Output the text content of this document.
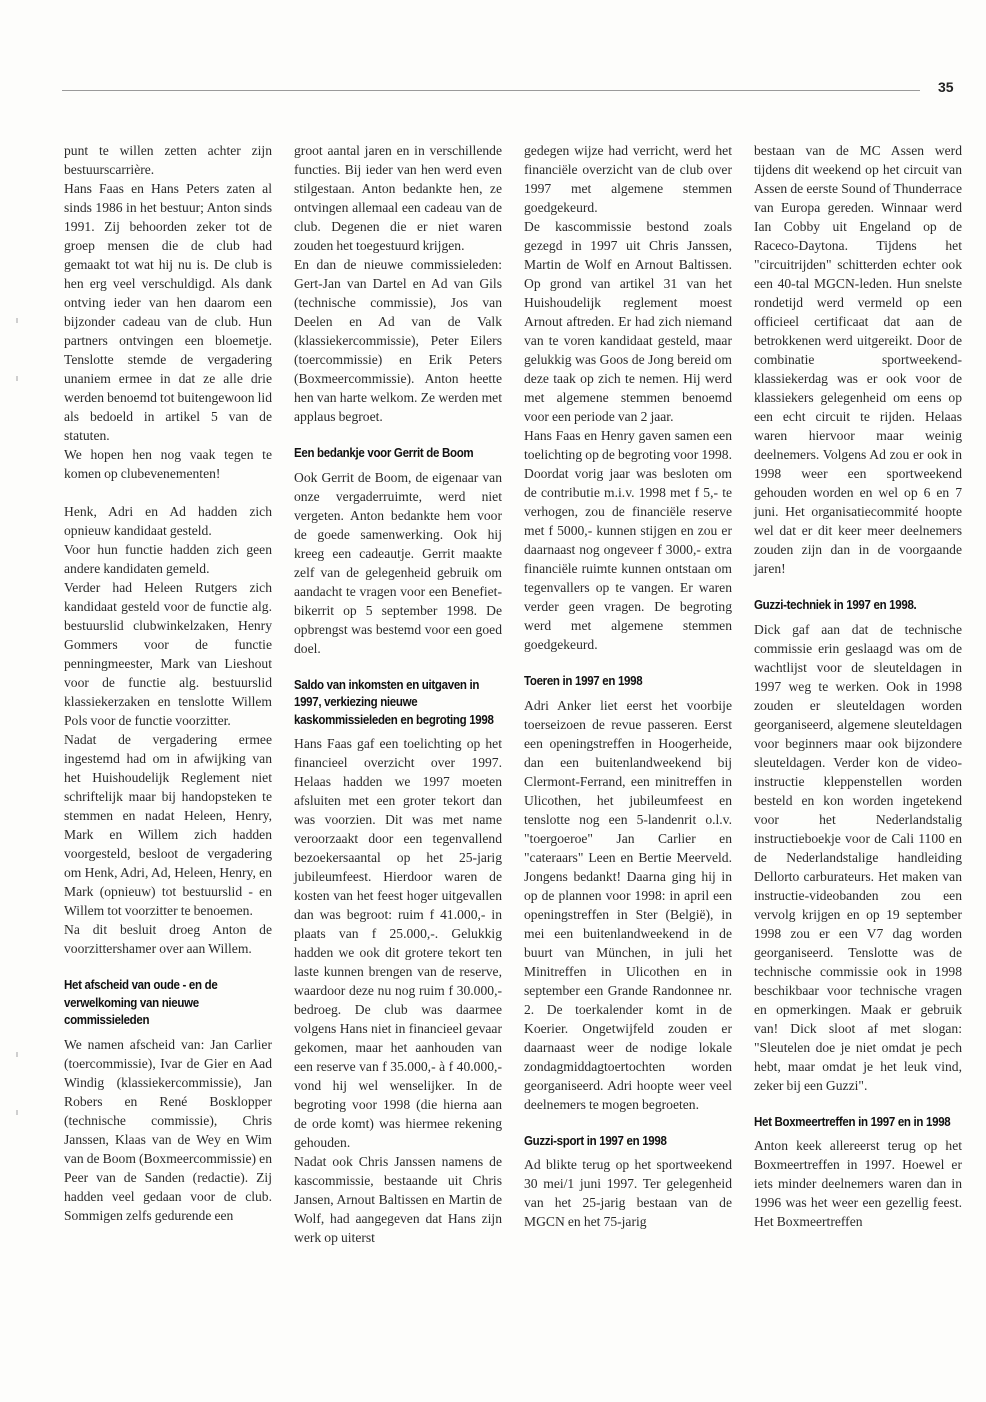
35

punt te willen zetten achter zijn bestuurscarrière.

Hans Faas en Hans Peters zaten al sinds 1986 in het bestuur; Anton sinds 1991. Zij behoorden zeker tot de groep mensen die de club had gemaakt tot wat hij nu is. De club is hen erg veel verschuldigd. Als dank ontving ieder van hen daarom een bijzonder cadeau van de club. Hun partners ontvingen een bloemetje. Tenslotte stemde de vergadering unaniem ermee in dat ze alle drie werden benoemd tot buitengewoon lid als bedoeld in artikel 5 van de statuten.

We hopen hen nog vaak tegen te komen op clubevenementen!

Henk, Adri en Ad hadden zich opnieuw kandidaat gesteld.

Voor hun functie hadden zich geen andere kandidaten gemeld.

Verder had Heleen Rutgers zich kandidaat gesteld voor de functie alg. bestuurslid clubwinkelzaken, Henry Gommers voor de functie penningmeester, Mark van Lieshout voor de functie alg. bestuurslid klassiekerzaken en tenslotte Willem Pols voor de functie voorzitter.

Nadat de vergadering ermee ingestemd had om in afwijking van het Huishoudelijk Reglement niet schriftelijk maar bij handopsteken te stemmen en nadat Heleen, Henry, Mark en Willem zich hadden voorgesteld, besloot de vergadering om Henk, Adri, Ad, Heleen, Henry, en Mark (opnieuw) tot bestuurslid - en Willem tot voorzitter te benoemen.

Na dit besluit droeg Anton de voorzittershamer over aan Willem.

Het afscheid van oude - en de verwelkoming van nieuwe commissieleden

We namen afscheid van: Jan Carlier (toercommissie), Ivar de Gier en Aad Windig (klassiekercommissie), Jan Robers en René Bosklopper (technische commissie), Chris Janssen, Klaas van de Wey en Wim van de Boom (Boxmeercommissie) en Peer van de Sanden (redactie). Zij hadden veel gedaan voor de club. Sommigen zelfs gedurende een

groot aantal jaren en in verschillende functies. Bij ieder van hen werd even stilgestaan. Anton bedankte hen, ze ontvingen allemaal een cadeau van de club. Degenen die er niet waren zouden het toegestuurd krijgen.

En dan de nieuwe commissieleden: Gert-Jan van Dartel en Ad van Gils (technische commissie), Jos van Deelen en Ad van de Valk (klassiekercommissie), Peter Eilers (toercommissie) en Erik Peters (Boxmeercommissie). Anton heette hen van harte welkom. Ze werden met applaus begroet.

Een bedankje voor Gerrit de Boom

Ook Gerrit de Boom, de eigenaar van onze vergaderruimte, werd niet vergeten. Anton bedankte hem voor de goede samenwerking. Ook hij kreeg een cadeautje. Gerrit maakte zelf van de gelegenheid gebruik om aandacht te vragen voor een Benefiet-bikerrit op 5 september 1998. De opbrengst was bestemd voor een goed doel.

Saldo van inkomsten en uitgaven in 1997, verkiezing nieuwe kaskommissieleden en begroting 1998

Hans Faas gaf een toelichting op het financieel overzicht over 1997. Helaas hadden we 1997 moeten afsluiten met een groter tekort dan was voorzien. Dit was met name veroorzaakt door een tegenvallend bezoekersaantal op het 25-jarig jubileumfeest. Hierdoor waren de kosten van het feest hoger uitgevallen dan was begroot: ruim f 41.000,- in plaats van f 25.000,-. Gelukkig hadden we ook dit grotere tekort ten laste kunnen brengen van de reserve, waardoor deze nu nog ruim f 30.000,- bedroeg. De club was daarmee volgens Hans niet in financieel gevaar gekomen, maar het aanhouden van een reserve van f 35.000,- à f 40.000,- vond hij wel wenselijker. In de begroting voor 1998 (die hierna aan de orde komt) was hiermee rekening gehouden.

Nadat ook Chris Janssen namens de kascommissie, bestaande uit Chris Jansen, Arnout Baltissen en Martin de Wolf, had aangegeven dat Hans zijn werk op uiterst

gedegen wijze had verricht, werd het financiële overzicht van de club over 1997 met algemene stemmen goedgekeurd.

De kascommissie bestond zoals gezegd in 1997 uit Chris Janssen, Martin de Wolf en Arnout Baltissen. Op grond van artikel 31 van het Huishoudelijk reglement moest Arnout aftreden. Er had zich niemand van te voren kandidaat gesteld, maar gelukkig was Goos de Jong bereid om deze taak op zich te nemen. Hij werd met algemene stemmen benoemd voor een periode van 2 jaar.

Hans Faas en Henry gaven samen een toelichting op de begroting voor 1998. Doordat vorig jaar was besloten om de contributie m.i.v. 1998 met f 5,- te verhogen, zou de financiële reserve met f 5000,- kunnen stijgen en zou er daarnaast nog ongeveer f 3000,- extra financiële ruimte kunnen ontstaan om tegenvallers op te vangen. Er waren verder geen vragen. De begroting werd met algemene stemmen goedgekeurd.

Toeren in 1997 en 1998

Adri Anker liet eerst het voorbije toerseizoen de revue passeren. Eerst een openingstreffen in Hoogerheide, dan een buitenlandweekend bij Clermont-Ferrand, een minitreffen in Ulicothen, het jubileumfeest en tenslotte nog een 5-landenrit o.l.v. "toergoeroe" Jan Carlier en "cateraars" Leen en Bertie Meerveld. Jongens bedankt! Daarna ging hij in op de plannen voor 1998: in april een openingstreffen in Ster (België), in mei een buitenlandweekend in de buurt van München, in juli het Minitreffen in Ulicothen en in september een Grande Randonnee nr. 2. De toerkalender komt in de Koerier. Ongetwijfeld zouden er daarnaast weer de nodige lokale zondagmiddagtoertochten worden georganiseerd. Adri hoopte weer veel deelnemers te mogen begroeten.

Guzzi-sport in 1997 en 1998

Ad blikte terug op het sportweekend 30 mei/1 juni 1997. Ter gelegenheid van het 25-jarig bestaan van de MGCN en het 75-jarig

bestaan van de MC Assen werd tijdens dit weekend op het circuit van Assen de eerste Sound of Thunderrace van Europa gereden. Winnaar werd Ian Cobby uit Engeland op de Raceco-Daytona. Tijdens het "circuitrijden" schitterden echter ook een 40-tal MGCN-leden. Hun snelste rondetijd werd vermeld op een officieel certificaat dat aan de betrokkenen werd uitgereikt. Door de combinatie sportweekend-klassiekerdag was er ook voor de klassiekers gelegenheid om eens op een echt circuit te rijden. Helaas waren hiervoor maar weinig deelnemers. Volgens Ad zou er ook in 1998 weer een sportweekend gehouden worden en wel op 6 en 7 juni. Het organisatiecommité hoopte wel dat er dit keer meer deelnemers zouden zijn dan in de voorgaande jaren!

Guzzi-techniek in 1997 en 1998.

Dick gaf aan dat de technische commissie erin geslaagd was om de wachtlijst voor de sleuteldagen in 1997 weg te werken. Ook in 1998 zouden er sleuteldagen worden georganiseerd, algemene sleuteldagen voor beginners maar ook bijzondere sleuteldagen. Verder kon de video-instructie kleppenstellen worden besteld en kon worden ingetekend voor het Nederlandstalig instructieboekje voor de Cali 1100 en de Nederlandstalige handleiding Dellorto carburateurs. Het maken van instructie-videobanden zou een vervolg krijgen en op 19 september 1998 zou er een V7 dag worden georganiseerd. Tenslotte was de technische commissie ook in 1998 beschikbaar voor technische vragen en opmerkingen. Maak er gebruik van! Dick sloot af met slogan: "Sleutelen doe je niet omdat je pech hebt, maar omdat je het leuk vind, zeker bij een Guzzi".

Het Boxmeertreffen in 1997 en in 1998

Anton keek allereerst terug op het Boxmeertreffen in 1997. Hoewel er iets minder deelnemers waren dan in 1996 was het weer een gezellig feest. Het Boxmeertreffen
